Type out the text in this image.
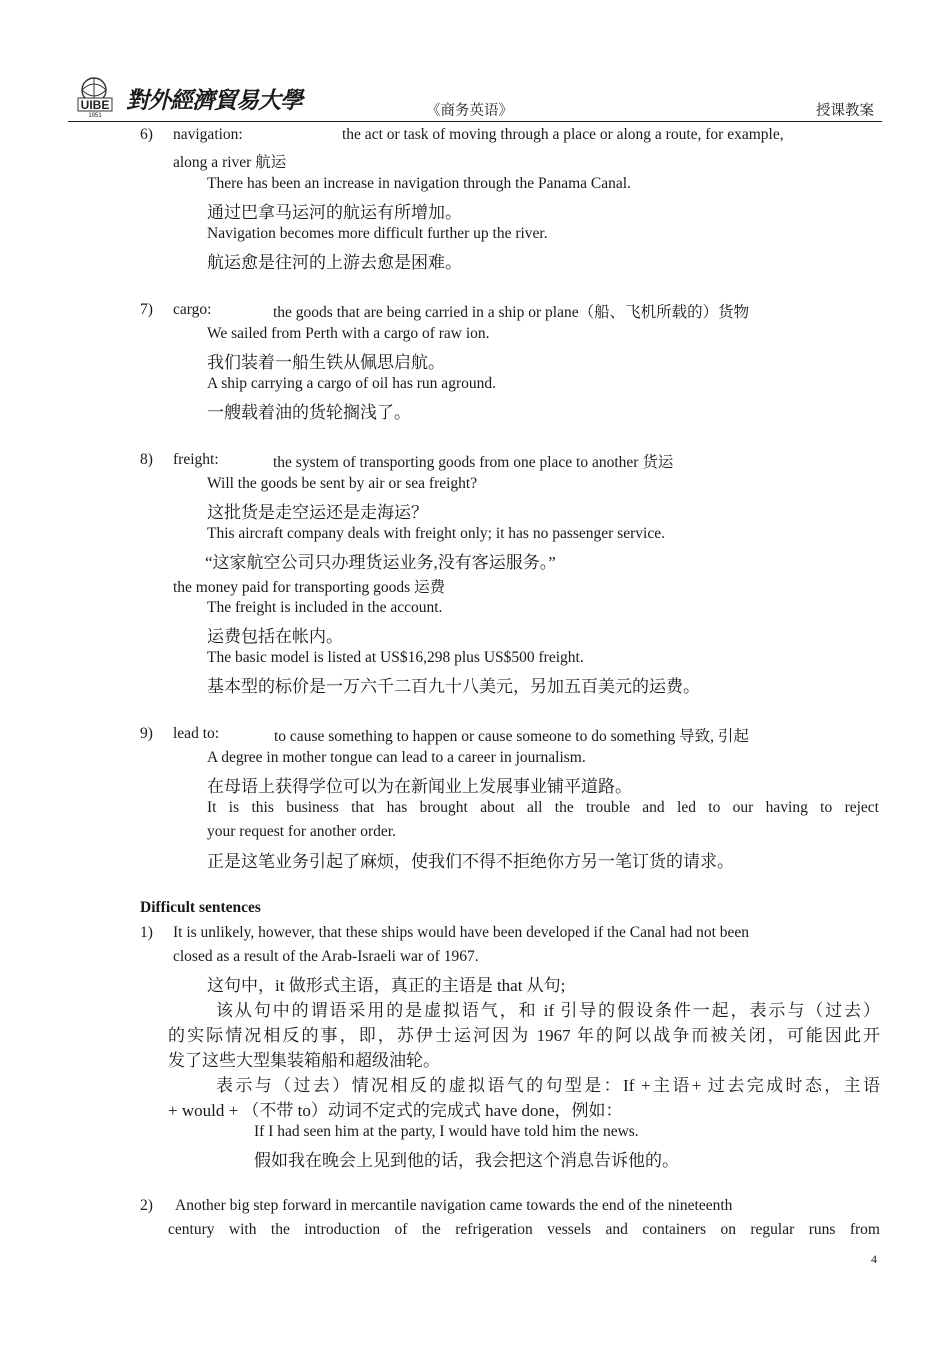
UIBE
1951
對外經濟貿易大學	《商务英语》	授课教案
6) navigation:	the act or task of moving through a place or along a route, for example,
along a river 航运
There has been an increase in navigation through the Panama Canal.
通过巴拿马运河的航运有所增加。
Navigation becomes more difficult further up the river.
航运愈是往河的上游去愈是困难。
7) cargo:	the goods that are being carried in a ship or plane（船、飞机所载的）货物
We sailed from Perth with a cargo of raw ion.
我们装着一船生铁从佩思启航。
A ship carrying a cargo of oil has run aground.
一艘载着油的货轮搁浅了。
8) freight:	the system of transporting goods from one place to another 货运
Will the goods be sent by air or sea freight?
这批货是走空运还是走海运？
This aircraft company deals with freight only; it has no passenger service.
“这家航空公司只办理货运业务,没有客运服务。”
the money paid for transporting goods 运费
The freight is included in the account.
运费包括在帐内。
The basic model is listed at US$16,298 plus US$500 freight.
基本型的标价是一万六千二百九十八美元，另加五百美元的运费。
9) lead to:	to cause something to happen or cause someone to do something 导致, 引起
A degree in mother tongue can lead to a career in journalism.
在母语上获得学位可以为在新闻业上发展事业铺平道路。
It is this business that has brought about all the trouble and led to our having to reject
your request for another order.
正是这笔业务引起了麻烦，使我们不得不拒绝你方另一笔订货的请求。
Difficult sentences
1) It is unlikely, however, that these ships would have been developed if the Canal had not been
closed as a result of the Arab-Israeli war of 1967.
这句中，it 做形式主语，真正的主语是 that 从句;
该从句中的谓语采用的是虚拟语气，和 if 引导的假设条件一起，表示与（过去）
的实际情况相反的事，即，苏伊士运河因为 1967 年的阿以战争而被关闭，可能因此开
发了这些大型集装箱船和超级油轮。
表示与（过去）情况相反的虚拟语气的句型是：If +主语+ 过去完成时态，主语
+ would + （不带 to）动词不定式的完成式 have done，例如：
If I had seen him at the party, I would have told him the news.
假如我在晚会上见到他的话，我会把这个消息告诉他的。
2) Another big step forward in mercantile navigation came towards the end of the nineteenth
century with the introduction of the refrigeration vessels and containers on regular runs from
4
